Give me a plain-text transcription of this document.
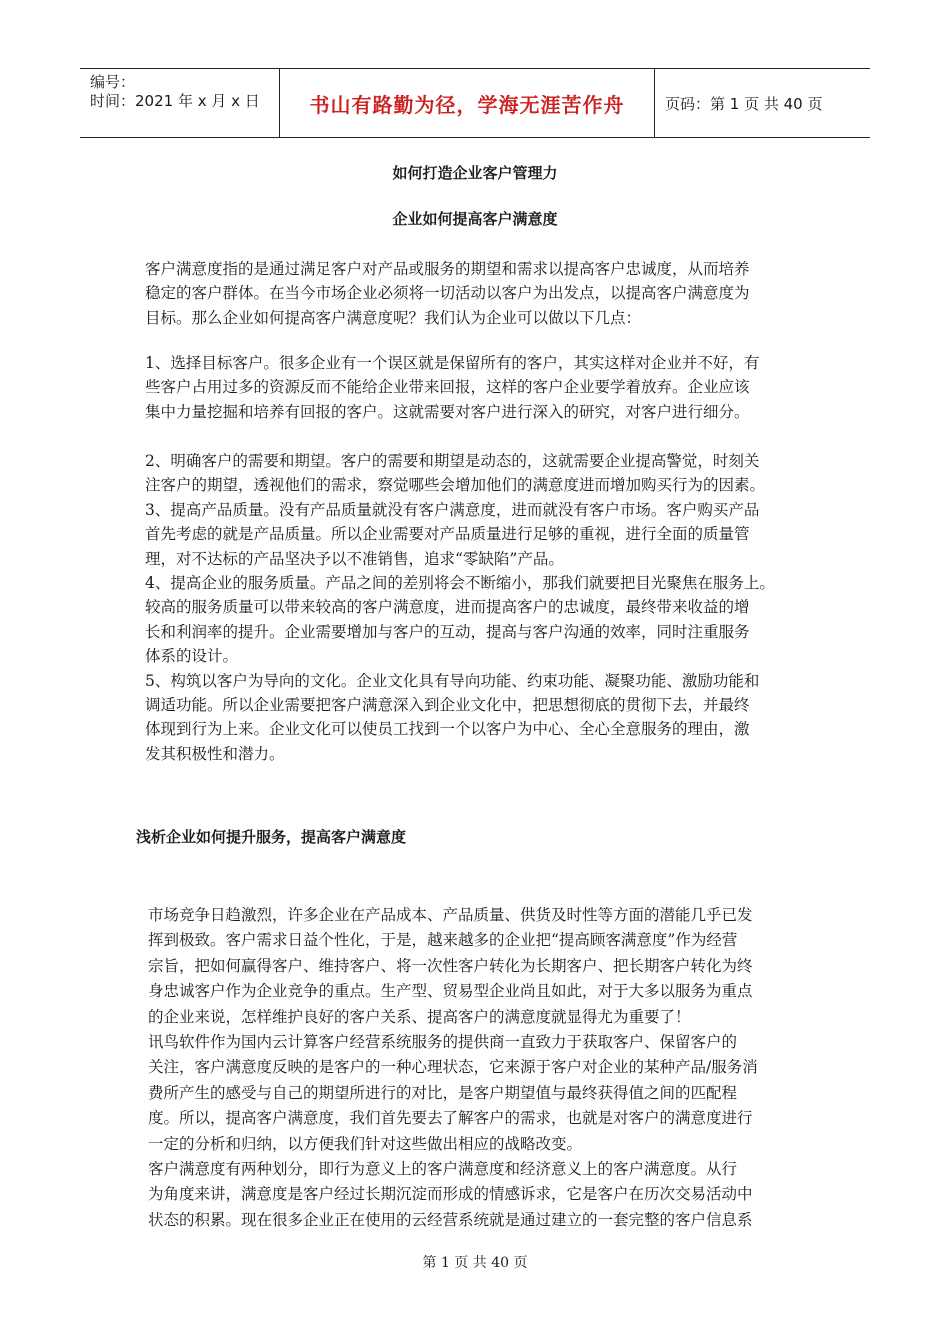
编号：
时间：2021 年 x 月 x 日	书山有路勤为径，学海无涯苦作舟	页码：第 1 页 共 40 页
如何打造企业客户管理力
企业如何提高客户满意度
客户满意度指的是通过满足客户对产品或服务的期望和需求以提高客户忠诚度，从而培养
稳定的客户群体。在当今市场企业必须将一切活动以客户为出发点，以提高客户满意度为
目标。那么企业如何提高客户满意度呢？我们认为企业可以做以下几点：
1、选择目标客户。很多企业有一个误区就是保留所有的客户，其实这样对企业并不好，有
些客户占用过多的资源反而不能给企业带来回报，这样的客户企业要学着放弃。企业应该
集中力量挖掘和培养有回报的客户。这就需要对客户进行深入的研究，对客户进行细分。
2、明确客户的需要和期望。客户的需要和期望是动态的，这就需要企业提高警觉，时刻关
注客户的期望，透视他们的需求，察觉哪些会增加他们的满意度进而增加购买行为的因素。
3、提高产品质量。没有产品质量就没有客户满意度，进而就没有客户市场。客户购买产品
首先考虑的就是产品质量。所以企业需要对产品质量进行足够的重视，进行全面的质量管
理，对不达标的产品坚决予以不准销售，追求“零缺陷”产品。
4、提高企业的服务质量。产品之间的差别将会不断缩小，那我们就要把目光聚焦在服务上。
较高的服务质量可以带来较高的客户满意度，进而提高客户的忠诚度，最终带来收益的增
长和利润率的提升。企业需要增加与客户的互动，提高与客户沟通的效率，同时注重服务
体系的设计。
5、构筑以客户为导向的文化。企业文化具有导向功能、约束功能、凝聚功能、激励功能和
调适功能。所以企业需要把客户满意深入到企业文化中，把思想彻底的贯彻下去，并最终
体现到行为上来。企业文化可以使员工找到一个以客户为中心、全心全意服务的理由，激
发其积极性和潜力。
浅析企业如何提升服务，提高客户满意度
市场竞争日趋激烈，许多企业在产品成本、产品质量、供货及时性等方面的潜能几乎已发
挥到极致。客户需求日益个性化，于是，越来越多的企业把“提高顾客满意度”作为经营
宗旨，把如何赢得客户、维持客户、将一次性客户转化为长期客户、把长期客户转化为终
身忠诚客户作为企业竞争的重点。生产型、贸易型企业尚且如此，对于大多以服务为重点
的企业来说，怎样维护良好的客户关系、提高客户的满意度就显得尤为重要了！
讯鸟软件作为国内云计算客户经营系统服务的提供商一直致力于获取客户、保留客户的
关注，客户满意度反映的是客户的一种心理状态，它来源于客户对企业的某种产品/服务消
费所产生的感受与自己的期望所进行的对比，是客户期望值与最终获得值之间的匹配程
度。所以，提高客户满意度，我们首先要去了解客户的需求，也就是对客户的满意度进行
一定的分析和归纳，以方便我们针对这些做出相应的战略改变。
客户满意度有两种划分，即行为意义上的客户满意度和经济意义上的客户满意度。从行
为角度来讲，满意度是客户经过长期沉淀而形成的情感诉求，它是客户在历次交易活动中
状态的积累。现在很多企业正在使用的云经营系统就是通过建立的一套完整的客户信息系
第 1 页 共 40 页
